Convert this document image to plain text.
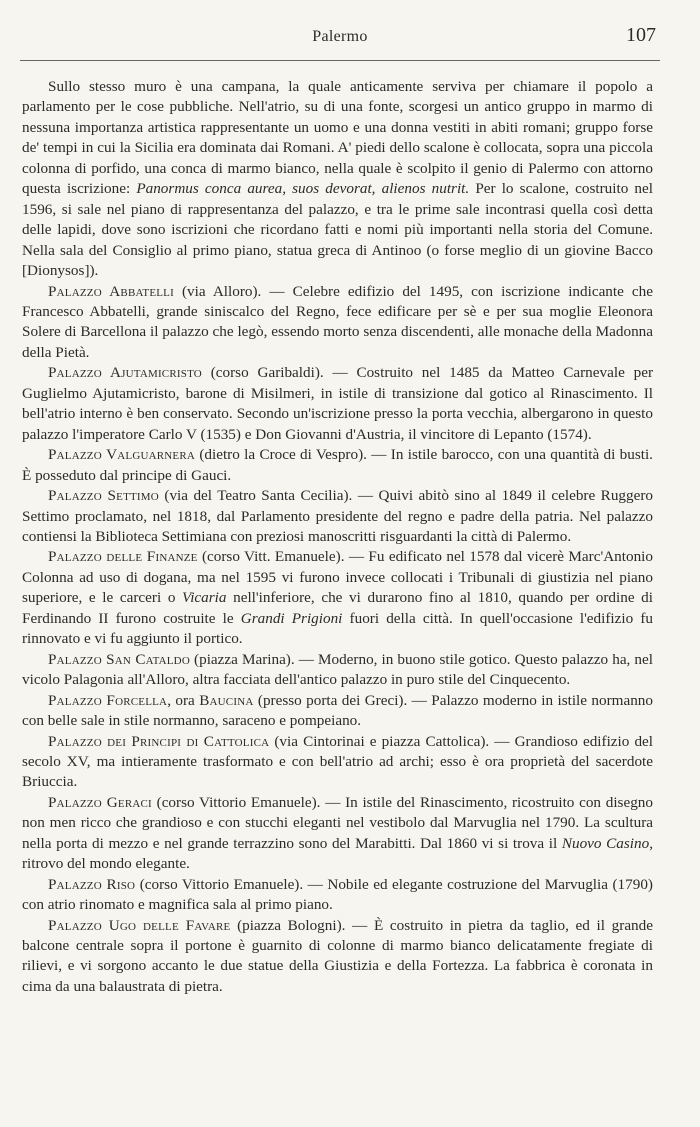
Palermo	107

Sullo stesso muro è una campana, la quale anticamente serviva per chiamare il popolo a parlamento per le cose pubbliche. Nell'atrio, su di una fonte, scorgesi un antico gruppo in marmo di nessuna importanza artistica rappresentante un uomo e una donna vestiti in abiti romani; gruppo forse de' tempi in cui la Sicilia era dominata dai Romani. A' piedi dello scalone è collocata, sopra una piccola colonna di porfido, una conca di marmo bianco, nella quale è scolpito il genio di Palermo con attorno questa iscrizione: Panormus conca aurea, suos devorat, alienos nutrit. Per lo scalone, costruito nel 1596, si sale nel piano di rappresentanza del palazzo, e tra le prime sale incontrasi quella così detta delle lapidi, dove sono iscrizioni che ricordano fatti e nomi più importanti nella storia del Comune. Nella sala del Consiglio al primo piano, statua greca di Antinoo (o forse meglio di un giovine Bacco [Dionysos]).

Palazzo Abbatelli (via Alloro). — Celebre edifizio del 1495, con iscrizione indicante che Francesco Abbatelli, grande siniscalco del Regno, fece edificare per sè e per sua moglie Eleonora Solere di Barcellona il palazzo che legò, essendo morto senza discendenti, alle monache della Madonna della Pietà.

Palazzo Ajutamicristo (corso Garibaldi). — Costruito nel 1485 da Matteo Carnevale per Guglielmo Ajutamicristo, barone di Misilmeri, in istile di transizione dal gotico al Rinascimento. Il bell'atrio interno è ben conservato. Secondo un'iscrizione presso la porta vecchia, albergarono in questo palazzo l'imperatore Carlo V (1535) e Don Giovanni d'Austria, il vincitore di Lepanto (1574).

Palazzo Valguarnera (dietro la Croce di Vespro). — In istile barocco, con una quantità di busti. È posseduto dal principe di Gauci.

Palazzo Settimo (via del Teatro Santa Cecilia). — Quivi abitò sino al 1849 il celebre Ruggero Settimo proclamato, nel 1818, dal Parlamento presidente del regno e padre della patria. Nel palazzo contiensi la Biblioteca Settimiana con preziosi manoscritti risguardanti la città di Palermo.

Palazzo delle Finanze (corso Vitt. Emanuele). — Fu edificato nel 1578 dal vicerè Marc'Antonio Colonna ad uso di dogana, ma nel 1595 vi furono invece collocati i Tribunali di giustizia nel piano superiore, e le carceri o Vicaria nell'inferiore, che vi durarono fino al 1810, quando per ordine di Ferdinando II furono costruite le Grandi Prigioni fuori della città. In quell'occasione l'edifizio fu rinnovato e vi fu aggiunto il portico.

Palazzo San Cataldo (piazza Marina). — Moderno, in buono stile gotico. Questo palazzo ha, nel vicolo Palagonia all'Alloro, altra facciata dell'antico palazzo in puro stile del Cinquecento.

Palazzo Forcella, ora Baucina (presso porta dei Greci). — Palazzo moderno in istile normanno con belle sale in stile normanno, saraceno e pompeiano.

Palazzo dei Principi di Cattolica (via Cintorinai e piazza Cattolica). — Grandioso edifizio del secolo XV, ma intieramente trasformato e con bell'atrio ad archi; esso è ora proprietà del sacerdote Briuccia.

Palazzo Geraci (corso Vittorio Emanuele). — In istile del Rinascimento, ricostruito con disegno non men ricco che grandioso e con stucchi eleganti nel vestibolo dal Marvuglia nel 1790. La scultura nella porta di mezzo e nel grande terrazzino sono del Marabitti. Dal 1860 vi si trova il Nuovo Casino, ritrovo del mondo elegante.

Palazzo Riso (corso Vittorio Emanuele). — Nobile ed elegante costruzione del Marvuglia (1790) con atrio rinomato e magnifica sala al primo piano.

Palazzo Ugo delle Favare (piazza Bologni). — È costruito in pietra da taglio, ed il grande balcone centrale sopra il portone è guarnito di colonne di marmo bianco delicatamente fregiate di rilievi, e vi sorgono accanto le due statue della Giustizia e della Fortezza. La fabbrica è coronata in cima da una balaustrata di pietra.
